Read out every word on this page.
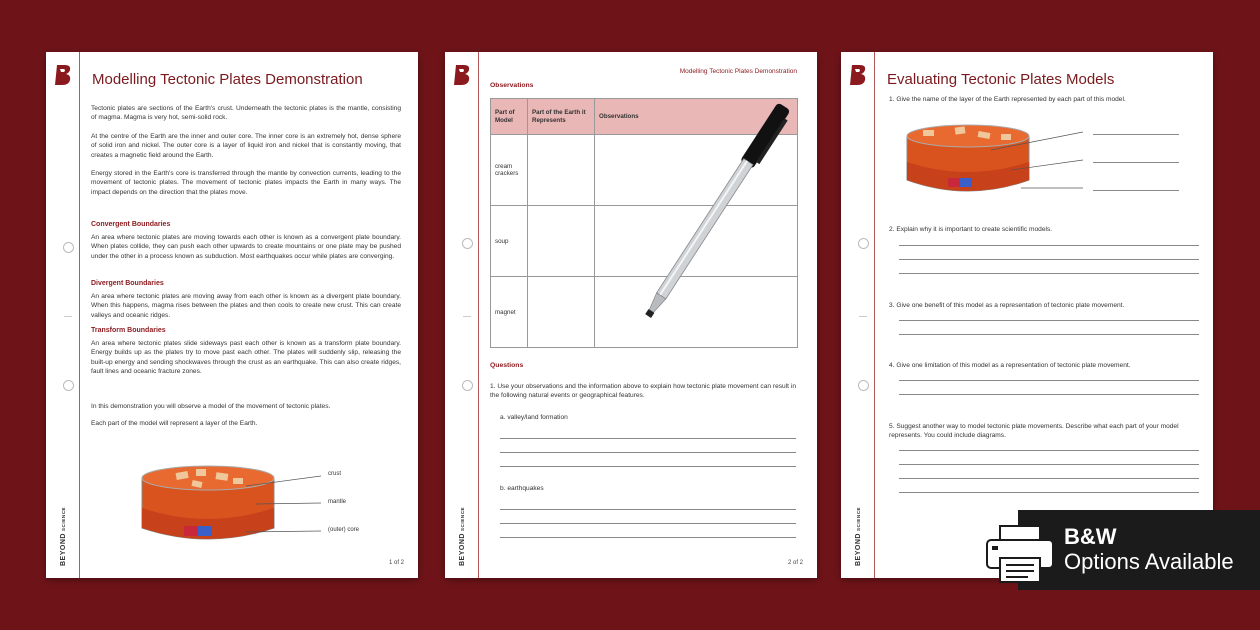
BEYONDSCIENCE
Modelling Tectonic Plates Demonstration
Tectonic plates are sections of the Earth's crust. Underneath the tectonic plates is the mantle, consisting of magma. Magma is very hot, semi-solid rock.
At the centre of the Earth are the inner and outer core. The inner core is an extremely hot, dense sphere of solid iron and nickel. The outer core is a layer of liquid iron and nickel that is constantly moving, that creates a magnetic field around the Earth.
Energy stored in the Earth's core is transferred through the mantle by convection currents, leading to the movement of tectonic plates. The movement of tectonic plates impacts the Earth in many ways. The impact depends on the direction that the plates move.
Convergent Boundaries
An area where tectonic plates are moving towards each other is known as a convergent plate boundary. When plates collide, they can push each other upwards to create mountains or one plate may be pushed under the other in a process known as subduction. Most earthquakes occur while plates are converging.
Divergent Boundaries
An area where tectonic plates are moving away from each other is known as a divergent plate boundary. When this happens, magma rises between the plates and then cools to create new crust. This can create valleys and oceanic ridges.
Transform Boundaries
An area where tectonic plates slide sideways past each other is known as a transform plate boundary. Energy builds up as the plates try to move past each other. The plates will suddenly slip, releasing the built-up energy and sending shockwaves through the crust as an earthquake. This can also create ridges, fault lines and oceanic fracture zones.
In this demonstration you will observe a model of the movement of tectonic plates.
Each part of the model will represent a layer of the Earth.
crust
mantle
(outer) core
1 of 2	BEYONDSCIENCE
Modelling Tectonic Plates Demonstration
Observations
Part of Model	Part of the Earth it Represents	Observations
cream crackers		
soup		
magnet		
Questions
1. Use your observations and the information above to explain how tectonic plate movement can result in the following natural events or geographical features.
a. valley/land formation
b. earthquakes
2 of 2	BEYONDSCIENCE
Evaluating Tectonic Plates Models
1. Give the name of the layer of the Earth represented by each part of this model.
2. Explain why it is important to create scientific models.
3. Give one benefit of this model as a representation of tectonic plate movement.
4. Give one limitation of this model as a representation of tectonic plate movement.
5. Suggest another way to model tectonic plate movements. Describe what each part of your model represents. You could include diagrams.
B&W
Options Available
